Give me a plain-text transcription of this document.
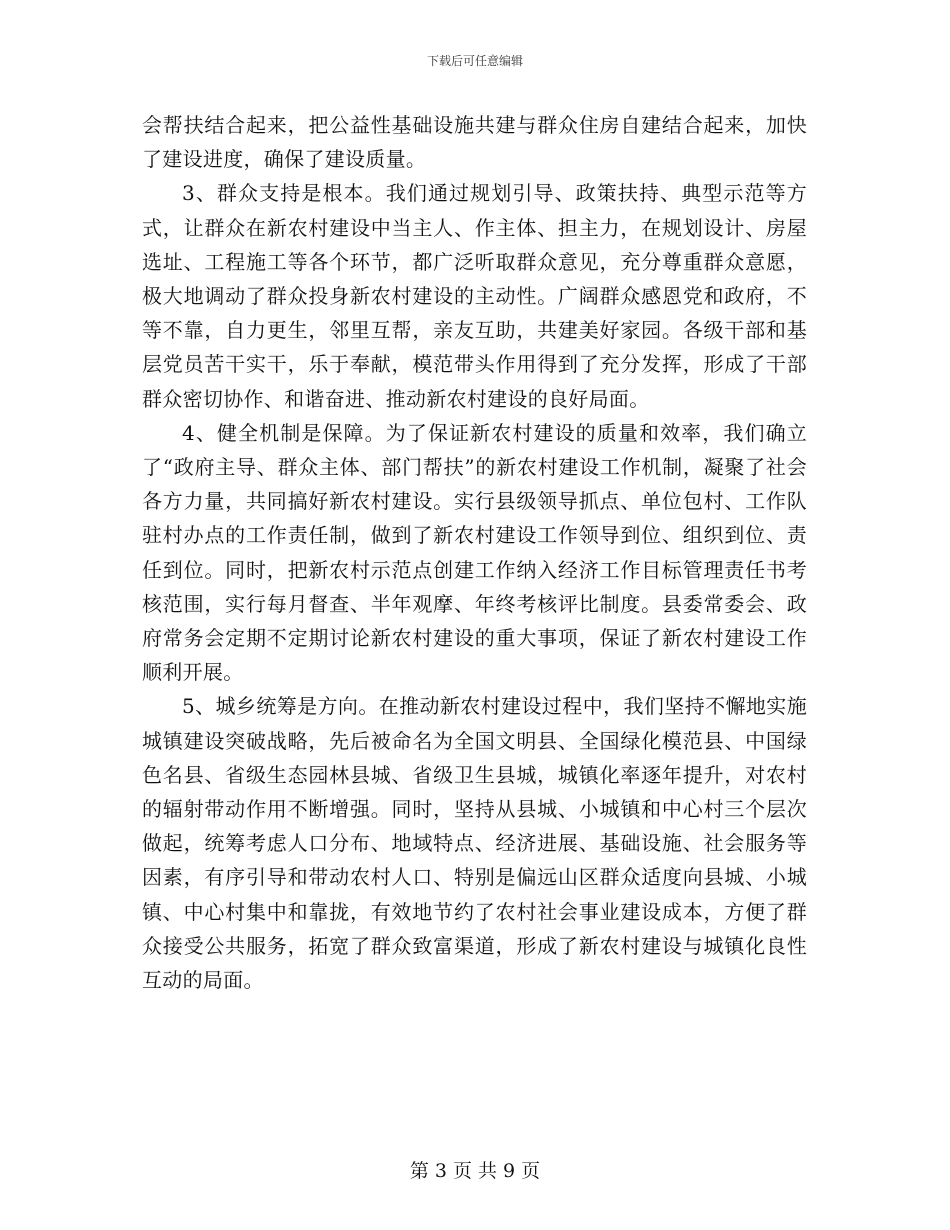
下载后可任意编辑

会帮扶结合起来，把公益性基础设施共建与群众住房自建结合起来，加快了建设进度，确保了建设质量。

3、群众支持是根本。我们通过规划引导、政策扶持、典型示范等方式，让群众在新农村建设中当主人、作主体、担主力，在规划设计、房屋选址、工程施工等各个环节，都广泛听取群众意见，充分尊重群众意愿，极大地调动了群众投身新农村建设的主动性。广阔群众感恩党和政府，不等不靠，自力更生，邻里互帮，亲友互助，共建美好家园。各级干部和基层党员苦干实干，乐于奉献，模范带头作用得到了充分发挥，形成了干部群众密切协作、和谐奋进、推动新农村建设的良好局面。

4、健全机制是保障。为了保证新农村建设的质量和效率，我们确立了“政府主导、群众主体、部门帮扶”的新农村建设工作机制，凝聚了社会各方力量，共同搞好新农村建设。实行县级领导抓点、单位包村、工作队驻村办点的工作责任制，做到了新农村建设工作领导到位、组织到位、责任到位。同时，把新农村示范点创建工作纳入经济工作目标管理责任书考核范围，实行每月督查、半年观摩、年终考核评比制度。县委常委会、政府常务会定期不定期讨论新农村建设的重大事项，保证了新农村建设工作顺利开展。

5、城乡统筹是方向。在推动新农村建设过程中，我们坚持不懈地实施城镇建设突破战略，先后被命名为全国文明县、全国绿化模范县、中国绿色名县、省级生态园林县城、省级卫生县城，城镇化率逐年提升，对农村的辐射带动作用不断增强。同时，坚持从县城、小城镇和中心村三个层次做起，统筹考虑人口分布、地域特点、经济进展、基础设施、社会服务等因素，有序引导和带动农村人口、特别是偏远山区群众适度向县城、小城镇、中心村集中和靠拢，有效地节约了农村社会事业建设成本，方便了群众接受公共服务，拓宽了群众致富渠道，形成了新农村建设与城镇化良性互动的局面。

第 3 页 共 9 页
